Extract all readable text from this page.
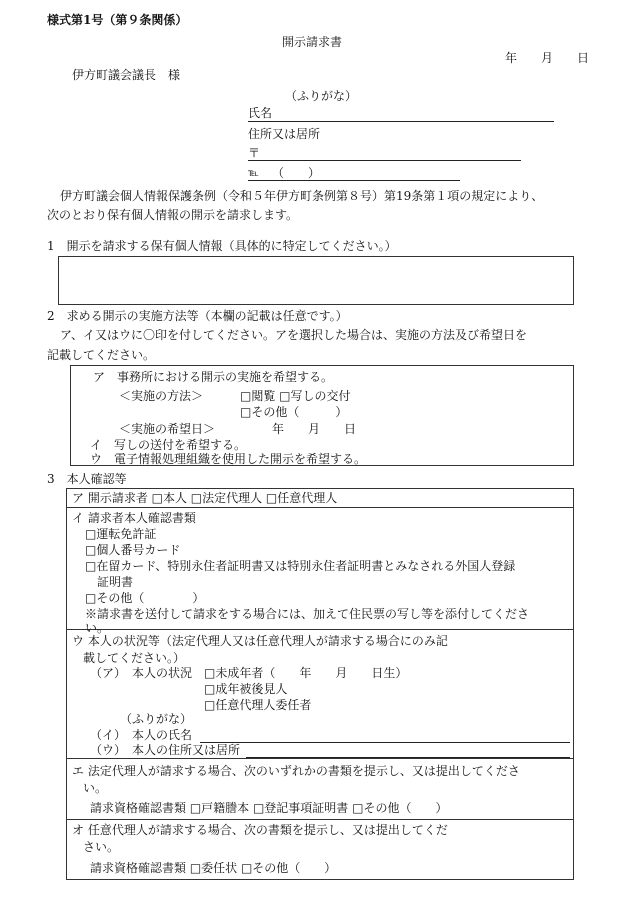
様式第1号（第９条関係）
開示請求書
年　　月　　日
伊方町議会議長　様
（ふりがな）
氏名
住所又は居所
〒
℡ （　　）
伊方町議会個人情報保護条例（令和５年伊方町条例第８号）第19条第１項の規定により、
次のとおり保有個人情報の開示を請求します。
1　開示を請求する保有個人情報（具体的に特定してください。）
2　求める開示の実施方法等（本欄の記載は任意です。）
ア、イ又はウに〇印を付してください。アを選択した場合は、実施の方法及び希望日を
記載してください。
ア　事務所における開示の実施を希望する。
＜実施の方法＞	□閲覧 □写しの交付
□その他（　　　）
＜実施の希望日＞	年　　月　　日
イ　写しの送付を希望する。
ウ　電子情報処理組織を使用した開示を希望する。
3　本人確認等
ア 開示請求者 □本人 □法定代理人 □任意代理人
イ 請求者本人確認書類
□運転免許証
□個人番号カード
□在留カード、特別永住者証明書又は特別永住者証明書とみなされる外国人登録
証明書
□その他（　　　　）
※請求書を送付して請求をする場合には、加えて住民票の写し等を添付してくださ
い。
ウ 本人の状況等（法定代理人又は任意代理人が請求する場合にのみ記
載してください。）
（ア）　本人の状況 □未成年者（　　年　　月　　日生）
□成年被後見人
□任意代理人委任者
（ふりがな）
（イ）　本人の氏名
（ウ）　本人の住所又は居所
エ 法定代理人が請求する場合、次のいずれかの書類を提示し、又は提出してくださ
い。
請求資格確認書類 □戸籍謄本 □登記事項証明書 □その他（　　）
オ 任意代理人が請求する場合、次の書類を提示し、又は提出してくだ
さい。
請求資格確認書類 □委任状 □その他（　　）
